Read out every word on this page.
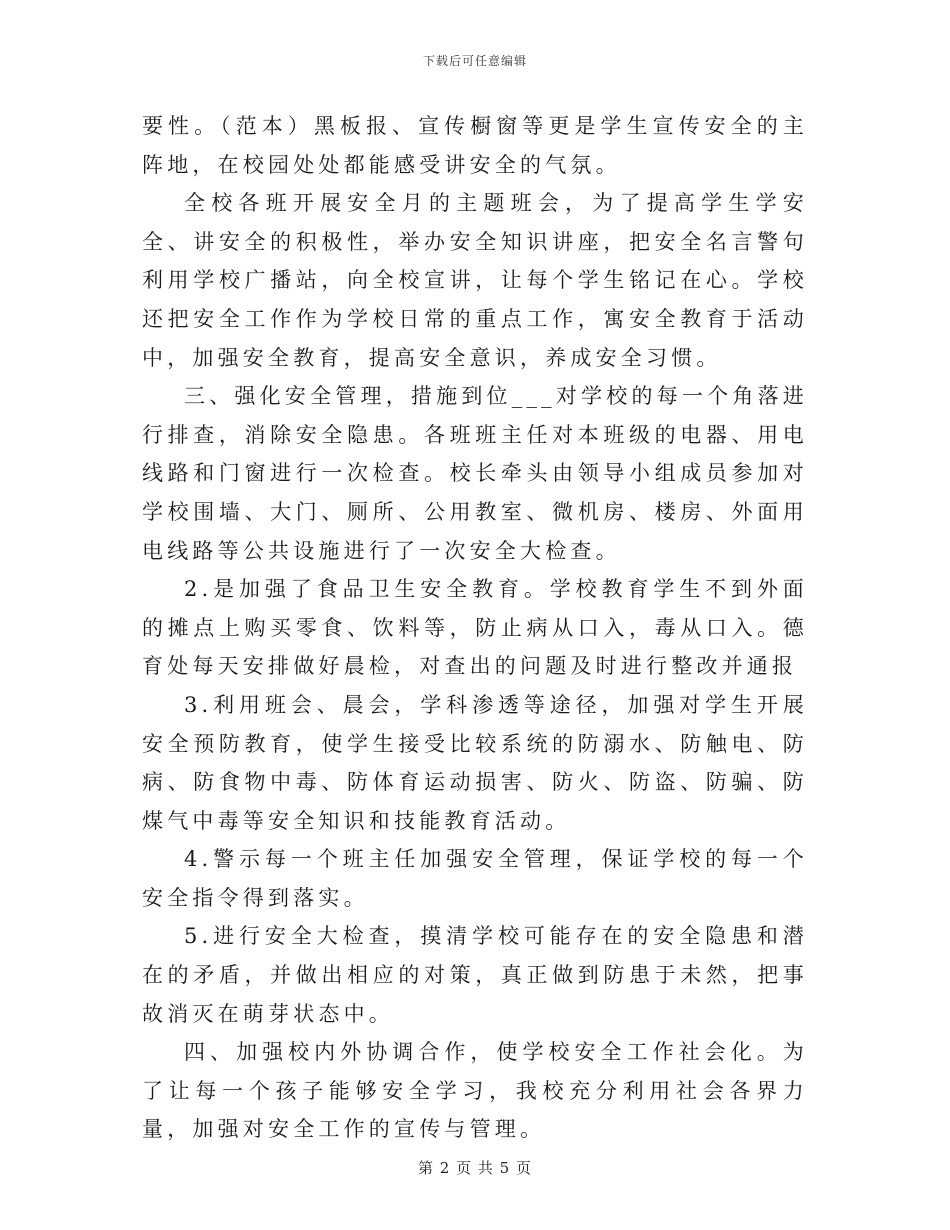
下载后可任意编辑

要性。（范本）黑板报、宣传橱窗等更是学生宣传安全的主阵地，在校园处处都能感受讲安全的气氛。

全校各班开展安全月的主题班会，为了提高学生学安全、讲安全的积极性，举办安全知识讲座，把安全名言警句利用学校广播站，向全校宣讲，让每个学生铭记在心。学校还把安全工作作为学校日常的重点工作，寓安全教育于活动中，加强安全教育，提高安全意识，养成安全习惯。

三、强化安全管理，措施到位___对学校的每一个角落进行排查，消除安全隐患。各班班主任对本班级的电器、用电线路和门窗进行一次检查。校长牵头由领导小组成员参加对学校围墙、大门、厕所、公用教室、微机房、楼房、外面用电线路等公共设施进行了一次安全大检查。

2.是加强了食品卫生安全教育。学校教育学生不到外面的摊点上购买零食、饮料等，防止病从口入，毒从口入。德育处每天安排做好晨检，对查出的问题及时进行整改并通报

3.利用班会、晨会，学科渗透等途径，加强对学生开展安全预防教育，使学生接受比较系统的防溺水、防触电、防病、防食物中毒、防体育运动损害、防火、防盗、防骗、防煤气中毒等安全知识和技能教育活动。

4.警示每一个班主任加强安全管理，保证学校的每一个安全指令得到落实。

5.进行安全大检查，摸清学校可能存在的安全隐患和潜在的矛盾，并做出相应的对策，真正做到防患于未然，把事故消灭在萌芽状态中。

四、加强校内外协调合作，使学校安全工作社会化。为了让每一个孩子能够安全学习，我校充分利用社会各界力量，加强对安全工作的宣传与管理。

第 2 页 共 5 页
